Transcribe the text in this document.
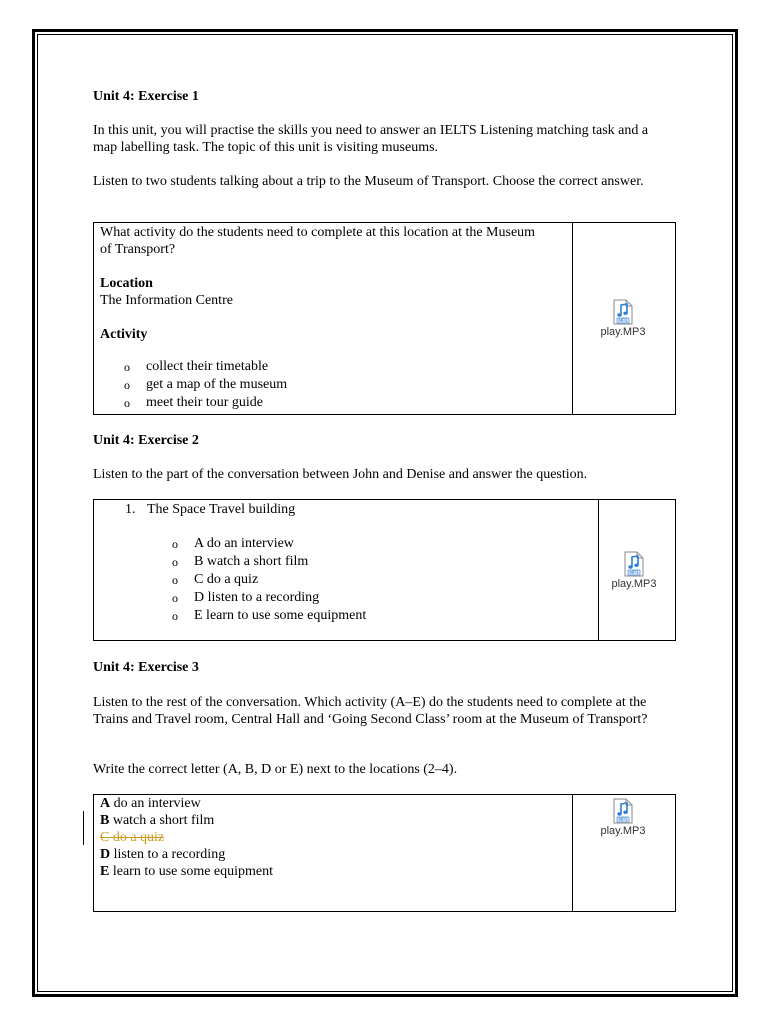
Unit 4: Exercise 1
In this unit, you will practise the skills you need to answer an IELTS Listening matching task and a map labelling task. The topic of this unit is visiting museums.
Listen to two students talking about a trip to the Museum of Transport. Choose the correct answer.
What activity do the students need to complete at this location at the Museum of Transport?
Location
The Information Centre
Activity
o collect their timetable
o get a map of the museum
o meet their tour guide

MP3
play.MP3
Unit 4: Exercise 2
Listen to the part of the conversation between John and Denise and answer the question.
1. The Space Travel building
o A do an interview
o B watch a short film
o C do a quiz
o D listen to a recording
o E learn to use some equipment

MP3
play.MP3
Unit 4: Exercise 3
Listen to the rest of the conversation. Which activity (A–E) do the students need to complete at the Trains and Travel room, Central Hall and ‘Going Second Class’ room at the Museum of Transport?
Write the correct letter (A, B, D or E) next to the locations (2–4).
A do an interview
B watch a short film
C do a quiz
D listen to a recording
E learn to use some equipment

MP3
play.MP3
